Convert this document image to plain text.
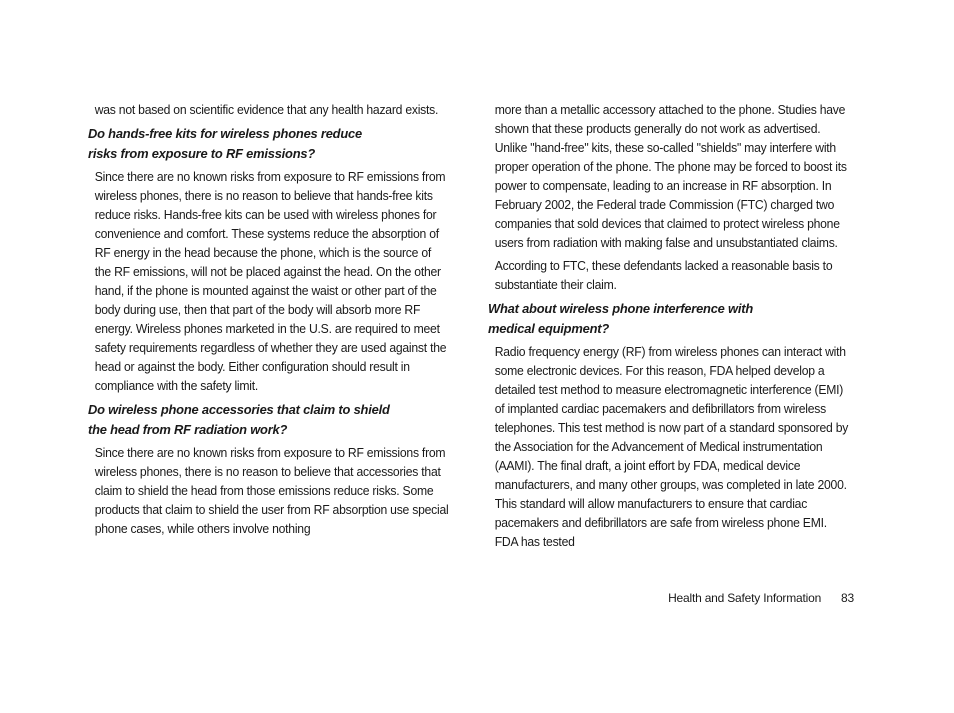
was not based on scientific evidence that any health hazard exists.

Do hands-free kits for wireless phones reduce
risks from exposure to RF emissions?

Since there are no known risks from exposure to RF emissions from wireless phones, there is no reason to believe that hands-free kits reduce risks. Hands-free kits can be used with wireless phones for convenience and comfort. These systems reduce the absorption of RF energy in the head because the phone, which is the source of the RF emissions, will not be placed against the head. On the other hand, if the phone is mounted against the waist or other part of the body during use, then that part of the body will absorb more RF energy. Wireless phones marketed in the U.S. are required to meet safety requirements regardless of whether they are used against the head or against the body. Either configuration should result in compliance with the safety limit.

Do wireless phone accessories that claim to shield
the head from RF radiation work?

Since there are no known risks from exposure to RF emissions from wireless phones, there is no reason to believe that accessories that claim to shield the head from those emissions reduce risks. Some products that claim to shield the user from RF absorption use special phone cases, while others involve nothing

more than a metallic accessory attached to the phone. Studies have shown that these products generally do not work as advertised. Unlike "hand-free" kits, these so-called "shields" may interfere with proper operation of the phone. The phone may be forced to boost its power to compensate, leading to an increase in RF absorption. In February 2002, the Federal trade Commission (FTC) charged two companies that sold devices that claimed to protect wireless phone users from radiation with making false and unsubstantiated claims.

According to FTC, these defendants lacked a reasonable basis to substantiate their claim.

What about wireless phone interference with
medical equipment?

Radio frequency energy (RF) from wireless phones can interact with some electronic devices. For this reason, FDA helped develop a detailed test method to measure electromagnetic interference (EMI) of implanted cardiac pacemakers and defibrillators from wireless telephones. This test method is now part of a standard sponsored by the Association for the Advancement of Medical instrumentation (AAMI). The final draft, a joint effort by FDA, medical device manufacturers, and many other groups, was completed in late 2000. This standard will allow manufacturers to ensure that cardiac pacemakers and defibrillators are safe from wireless phone EMI. FDA has tested

Health and Safety Information 83
